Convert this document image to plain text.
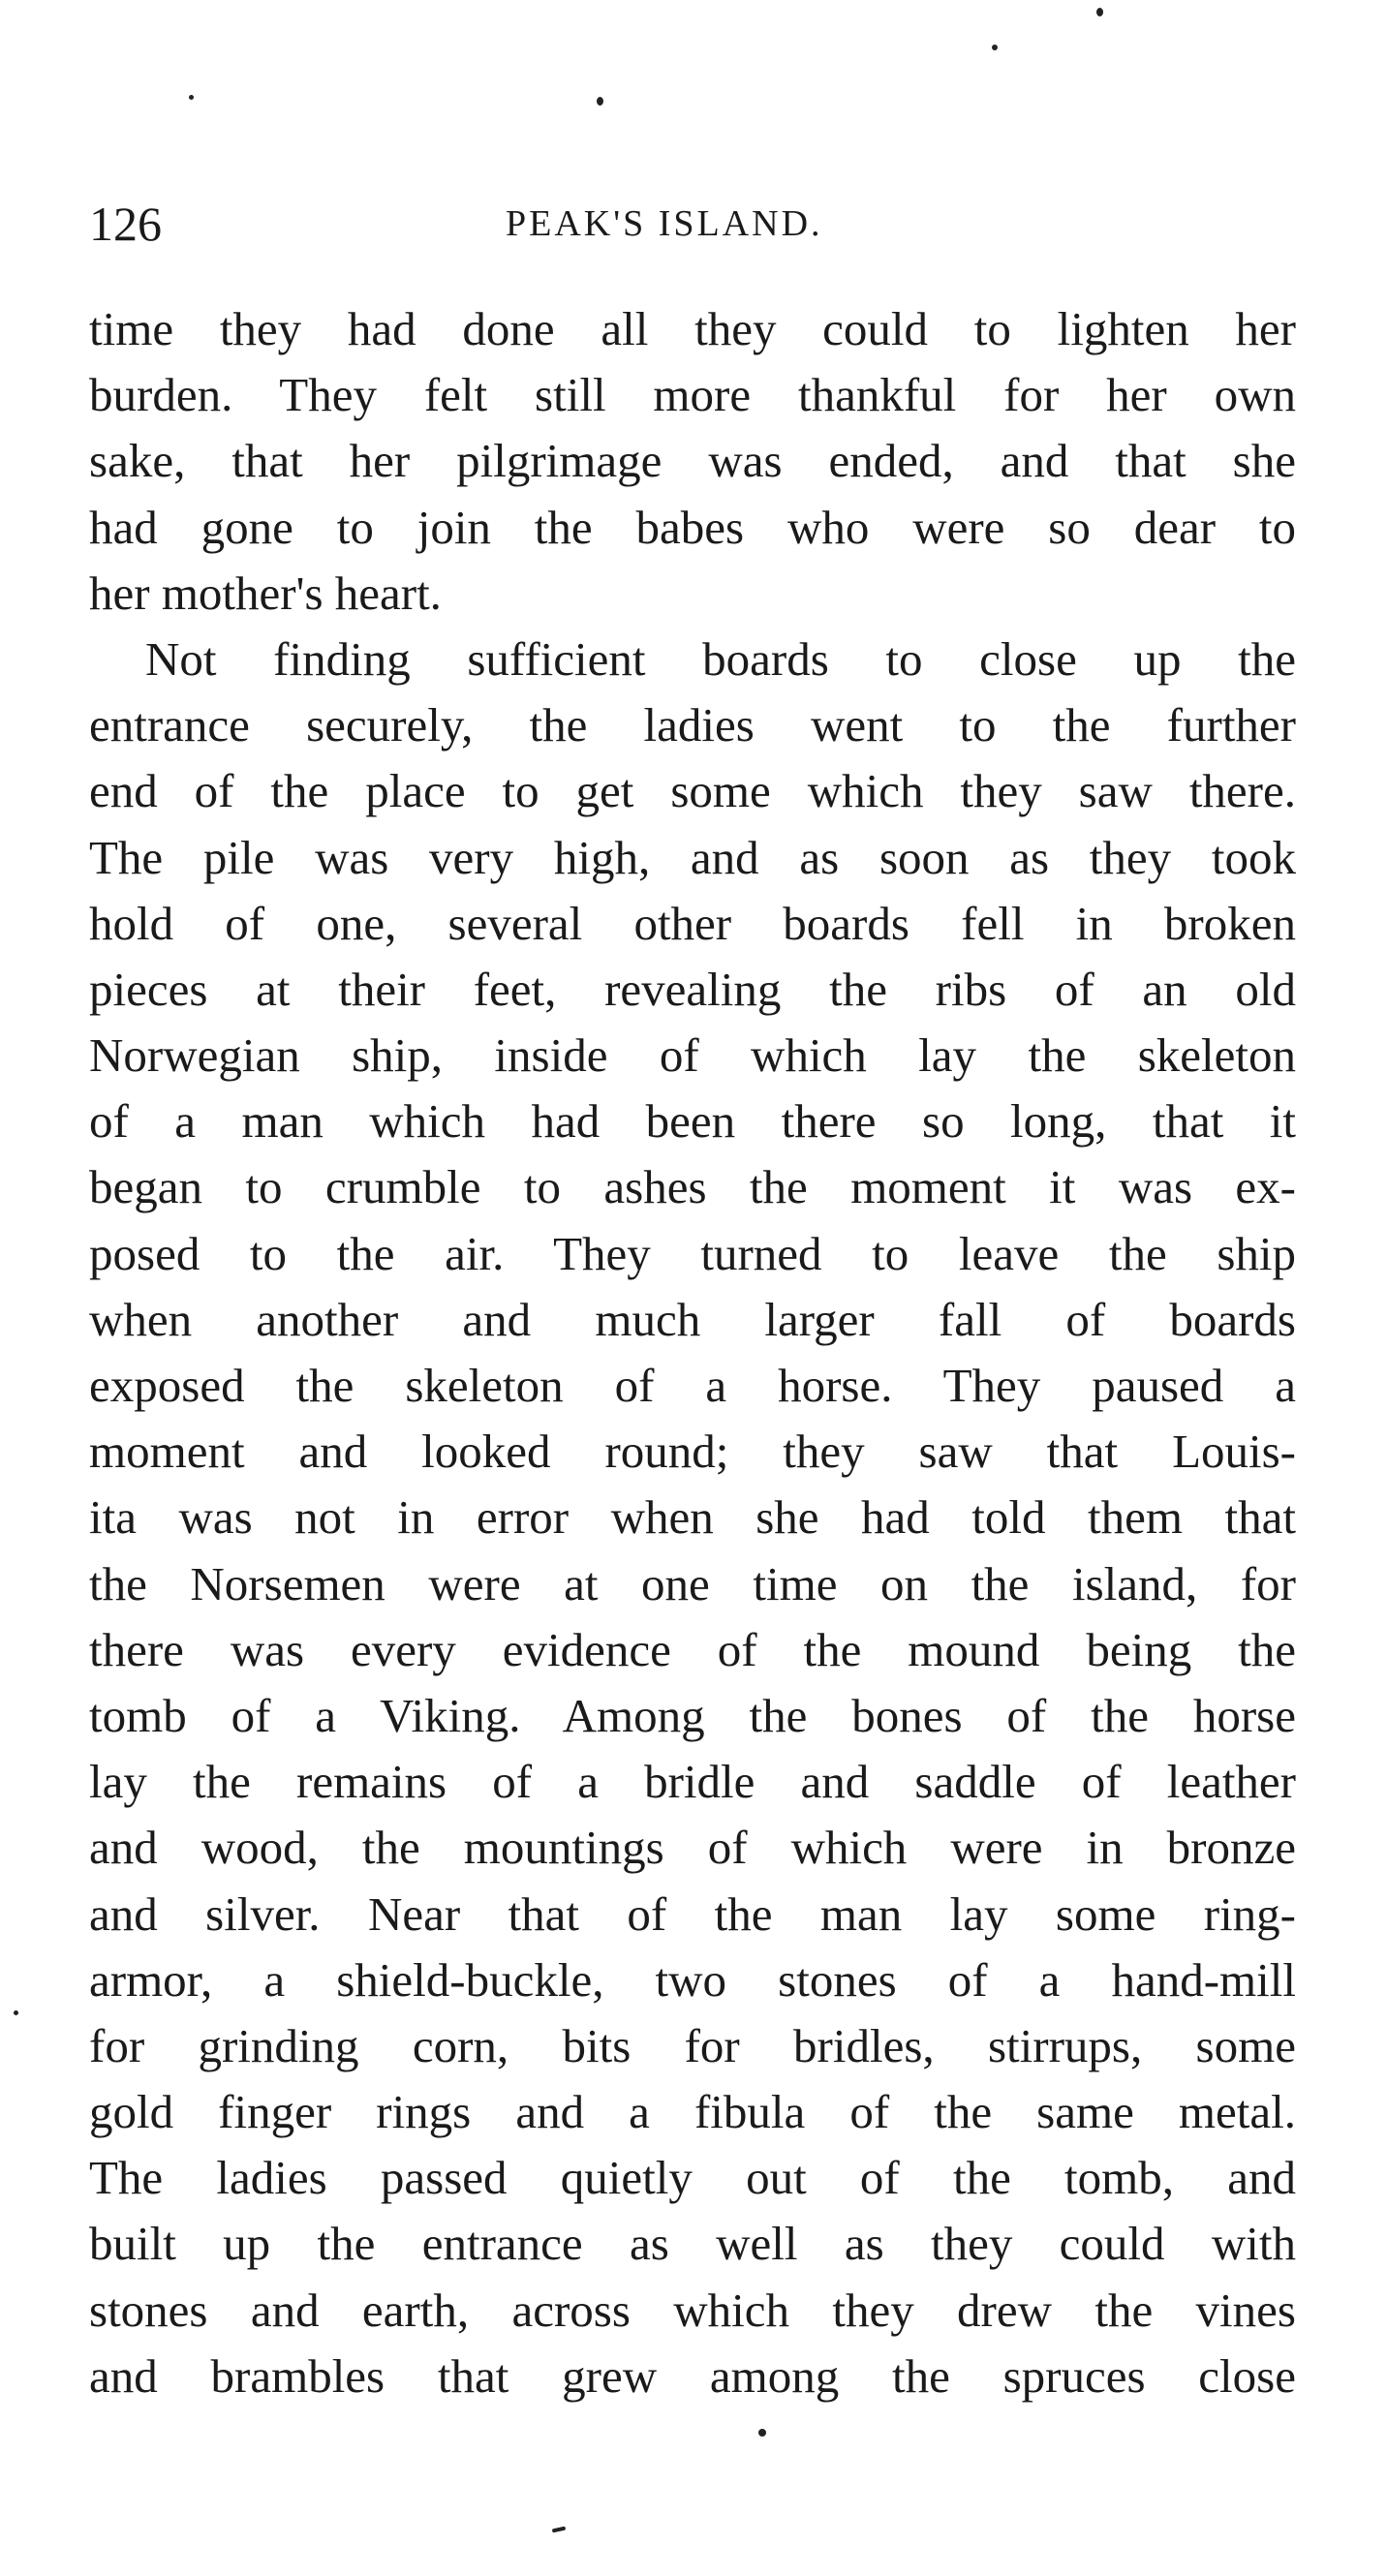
126	PEAK'S ISLAND.
time they had done all they could to lighten her
burden. They felt still more thankful for her own
sake, that her pilgrimage was ended, and that she
had gone to join the babes who were so dear to
her mother's heart.
Not finding sufficient boards to close up the
entrance securely, the ladies went to the further
end of the place to get some which they saw there.
The pile was very high, and as soon as they took
hold of one, several other boards fell in broken
pieces at their feet, revealing the ribs of an old
Norwegian ship, inside of which lay the skeleton
of a man which had been there so long, that it
began to crumble to ashes the moment it was ex-
posed to the air. They turned to leave the ship
when another and much larger fall of boards
exposed the skeleton of a horse. They paused a
moment and looked round; they saw that Louis-
ita was not in error when she had told them that
the Norsemen were at one time on the island, for
there was every evidence of the mound being the
tomb of a Viking. Among the bones of the horse
lay the remains of a bridle and saddle of leather
and wood, the mountings of which were in bronze
and silver. Near that of the man lay some ring-
armor, a shield-buckle, two stones of a hand-mill
for grinding corn, bits for bridles, stirrups, some
gold finger rings and a fibula of the same metal.
The ladies passed quietly out of the tomb, and
built up the entrance as well as they could with
stones and earth, across which they drew the vines
and brambles that grew among the spruces close
